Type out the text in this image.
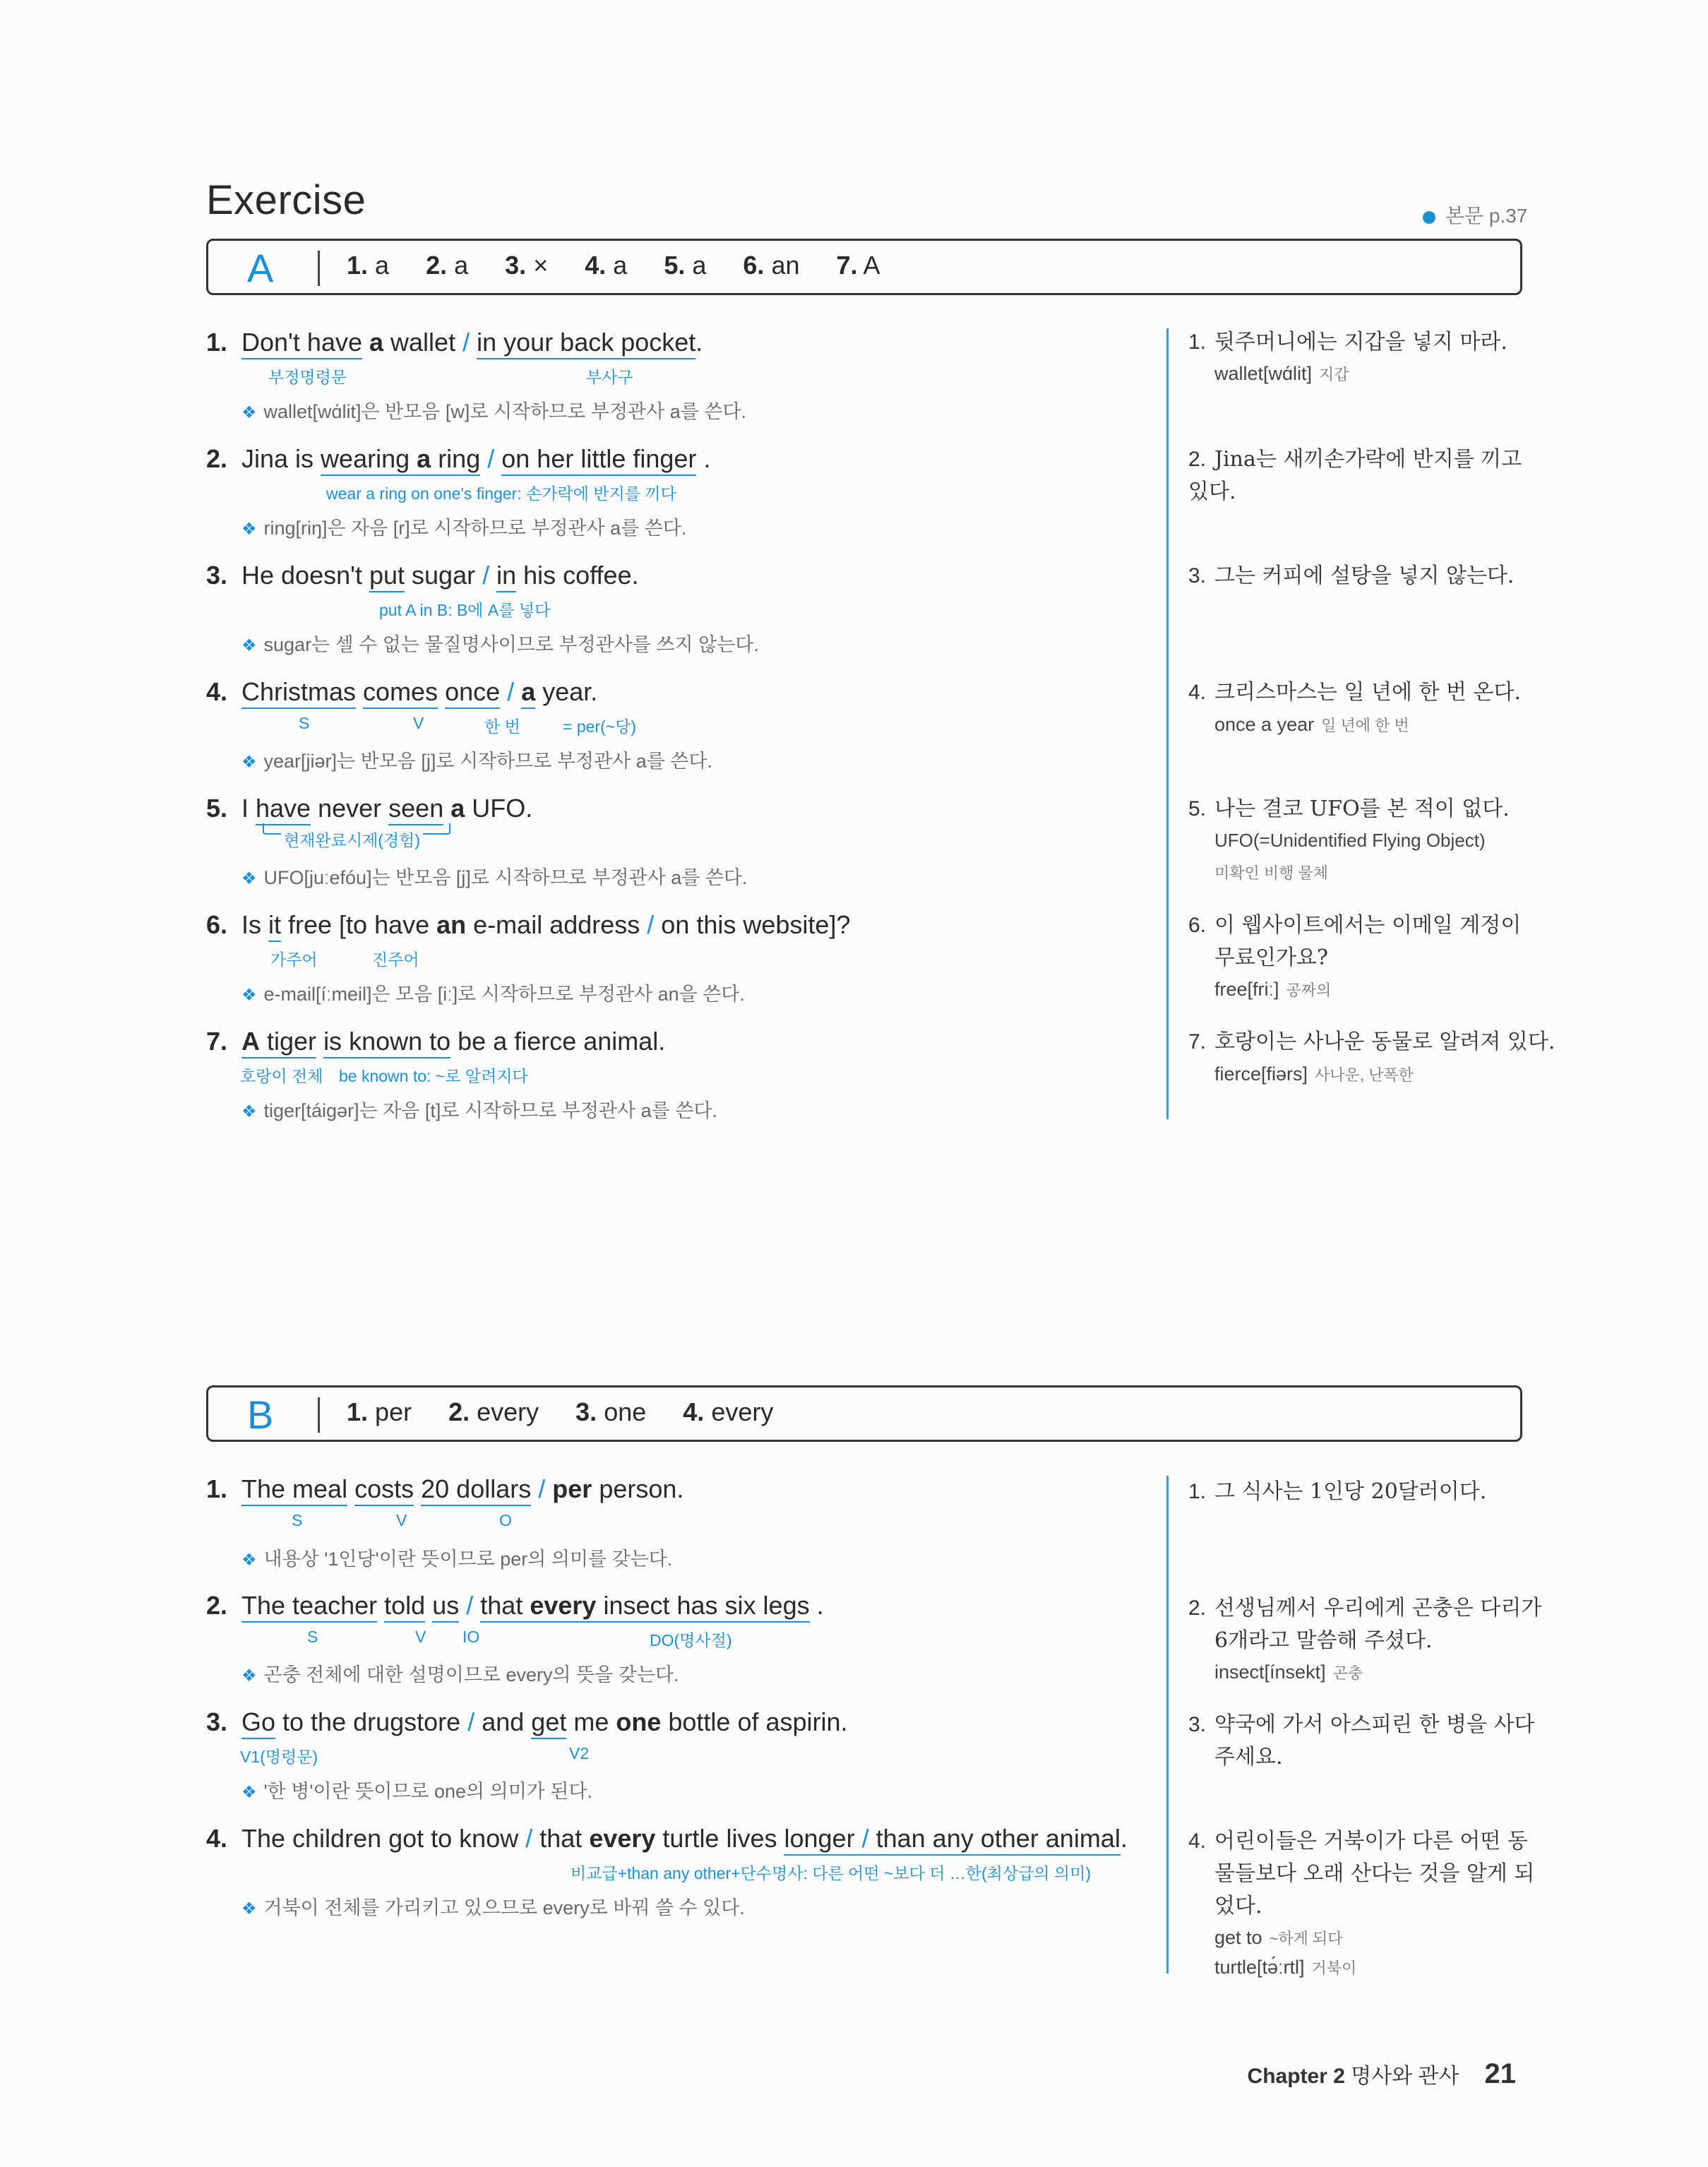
Exercise	본문 p.37
A	1. a 2. a 3. × 4. a 5. a 6. an 7. A
1. Don't have a wallet / in your back pocket.
부정명령문	부사구
❖ wallet[wɑ́lit]은 반모음 [w]로 시작하므로 부정관사 a를 쓴다.
1. 뒷주머니에는 지갑을 넣지 마라.
wallet[wɑ́lit] 지갑
2. Jina is wearing a ring / on her little finger .
wear a ring on one's finger: 손가락에 반지를 끼다
❖ ring[riŋ]은 자음 [r]로 시작하므로 부정관사 a를 쓴다.
2. Jina는 새끼손가락에 반지를 끼고 있다.
3. He doesn't put sugar / in his coffee.
put A in B: B에 A를 넣다
❖ sugar는 셀 수 없는 물질명사이므로 부정관사를 쓰지 않는다.
3. 그는 커피에 설탕을 넣지 않는다.
4. Christmas comes once / a year.
S	V	한 번	= per(~당)
❖ year[jiər]는 반모음 [j]로 시작하므로 부정관사 a를 쓴다.
4. 크리스마스는 일 년에 한 번 온다.
once a year 일 년에 한 번
5. I have never seen a UFO.
현재완료시제(경험)
❖ UFO[juːefóu]는 반모음 [j]로 시작하므로 부정관사 a를 쓴다.
5. 나는 결코 UFO를 본 적이 없다.
UFO(=Unidentified Flying Object)
미확인 비행 물체
6. Is it free [to have an e-mail address / on this website]?
가주어	진주어
❖ e-mail[íːmeil]은 모음 [iː]로 시작하므로 부정관사 an을 쓴다.
6. 이 웹사이트에서는 이메일 계정이
무료인가요?
free[friː] 공짜의
7. A tiger is known to be a fierce animal.
호랑이 전체 be known to: ~로 알려지다
❖ tiger[táigər]는 자음 [t]로 시작하므로 부정관사 a를 쓴다.
7. 호랑이는 사나운 동물로 알려져 있다.
fierce[fiərs] 사나운, 난폭한
B	1. per 2. every 3. one 4. every
1. The meal costs 20 dollars / per person.
S	V	O
❖ 내용상 '1인당'이란 뜻이므로 per의 의미를 갖는다.
1. 그 식사는 1인당 20달러이다.
2. The teacher told us / that every insect has six legs .
S	V IO	DO(명사절)
❖ 곤충 전체에 대한 설명이므로 every의 뜻을 갖는다.
2. 선생님께서 우리에게 곤충은 다리가
6개라고 말씀해 주셨다.
insect[ínsekt] 곤충
3. Go to the drugstore / and get me one bottle of aspirin.
V1(명령문)	V2
❖ '한 병'이란 뜻이므로 one의 의미가 된다.
3. 약국에 가서 아스피린 한 병을 사다
주세요.
4. The children got to know / that every turtle lives longer / than any other animal.
비교급+than any other+단수명사: 다른 어떤 ~보다 더 …한(최상급의 의미)
❖ 거북이 전체를 가리키고 있으므로 every로 바꿔 쓸 수 있다.
4. 어린이들은 거북이가 다른 어떤 동
물들보다 오래 산다는 것을 알게 되
었다.
get to ~하게 되다
turtle[tə́ːrtl] 거북이
Chapter 2 명사와 관사 21
